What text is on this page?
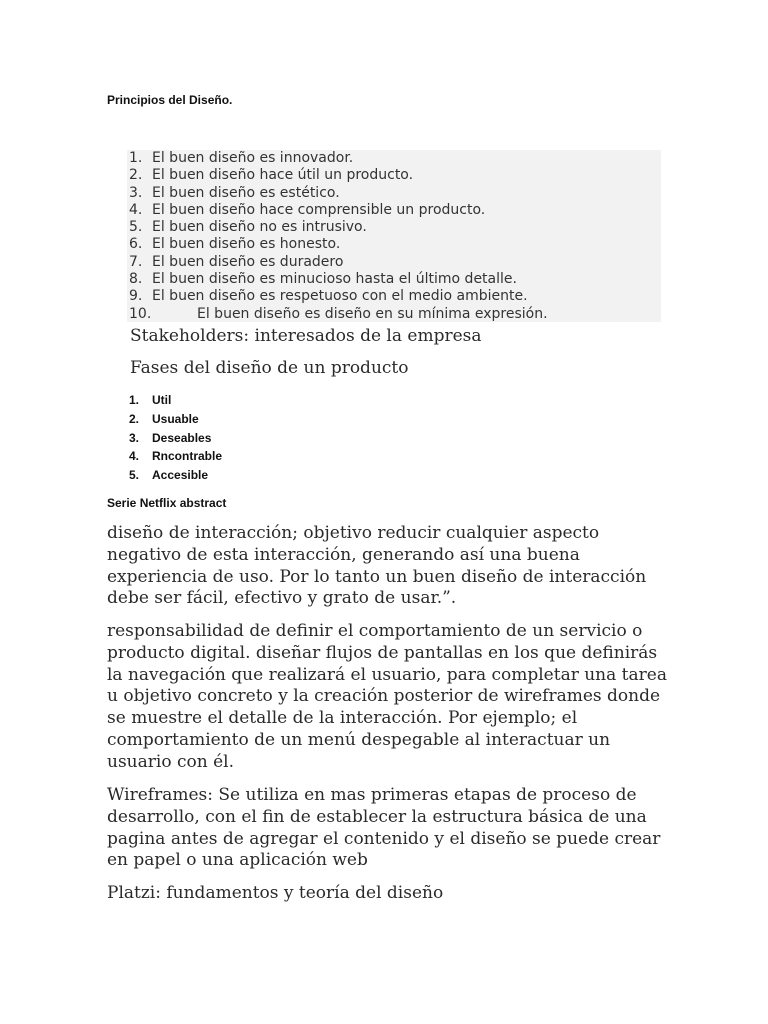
Principios del Diseño.
1. El buen diseño es innovador.
2. El buen diseño hace útil un producto.
3. El buen diseño es estético.
4. El buen diseño hace comprensible un producto.
5. El buen diseño no es intrusivo.
6. El buen diseño es honesto.
7. El buen diseño es duradero
8. El buen diseño es minucioso hasta el último detalle.
9. El buen diseño es respetuoso con el medio ambiente.
10.	El buen diseño es diseño en su mínima expresión.
Stakeholders: interesados de la empresa
Fases del diseño de un producto
1. Util
2. Usuable
3. Deseables
4. Rncontrable
5. Accesible
Serie Netflix abstract

diseño de interacción; objetivo reducir cualquier aspecto negativo de esta interacción, generando así una buena experiencia de uso. Por lo tanto un buen diseño de interacción debe ser fácil, efectivo y grato de usar.”.

responsabilidad de definir el comportamiento de un servicio o producto digital. diseñar flujos de pantallas en los que definirás la navegación que realizará el usuario, para completar una tarea u objetivo concreto y la creación posterior de wireframes donde se muestre el detalle de la interacción. Por ejemplo; el comportamiento de un menú despegable al interactuar un usuario con él.

Wireframes: Se utiliza en mas primeras etapas de proceso de desarrollo, con el fin de establecer la estructura básica de una pagina antes de agregar el contenido y el diseño se puede crear en papel o una aplicación web

Platzi: fundamentos y teoría del diseño
